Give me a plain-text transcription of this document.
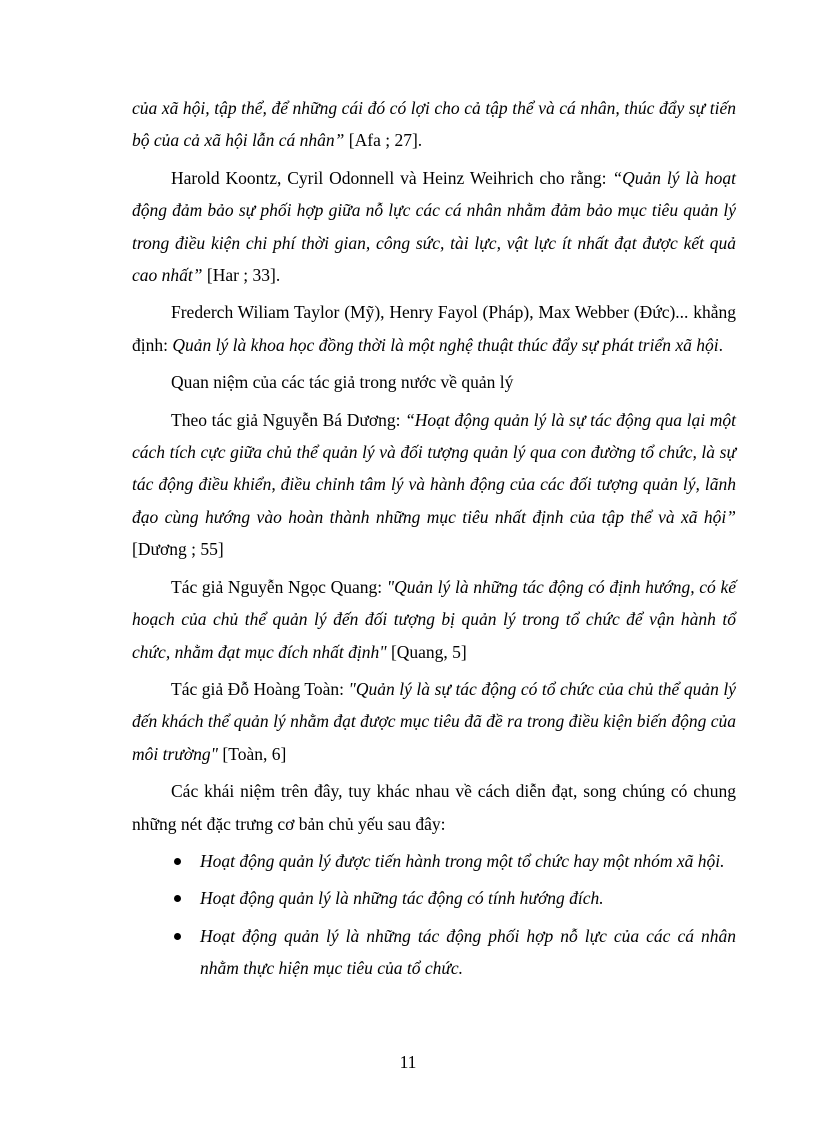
của xã hội, tập thể, để những cái đó có lợi cho cả tập thể và cá nhân, thúc đẩy sự tiến bộ của cả xã hội lẫn cá nhân” [Afa ; 27].

Harold Koontz, Cyril Odonnell và Heinz Weihrich cho rằng: “Quản lý là hoạt động đảm bảo sự phối hợp giữa nỗ lực các cá nhân nhằm đảm bảo mục tiêu quản lý trong điều kiện chi phí thời gian, công sức, tài lực, vật lực ít nhất đạt được kết quả cao nhất” [Har ; 33].

Frederch Wiliam Taylor (Mỹ), Henry Fayol (Pháp), Max Webber (Đức)... khẳng định: Quản lý là khoa học đồng thời là một nghệ thuật thúc đẩy sự phát triển xã hội.

Quan niệm của các tác giả trong nước về quản lý

Theo tác giả Nguyễn Bá Dương: “Hoạt động quản lý là sự tác động qua lại một cách tích cực giữa chủ thể quản lý và đối tượng quản lý qua con đường tổ chức, là sự tác động điều khiển, điều chỉnh tâm lý và hành động của các đối tượng quản lý, lãnh đạo cùng hướng vào hoàn thành những mục tiêu nhất định của tập thể và xã hội” [Dương ; 55]

Tác giả Nguyễn Ngọc Quang: "Quản lý là những tác động có định hướng, có kế hoạch của chủ thể quản lý đến đối tượng bị quản lý trong tổ chức để vận hành tổ chức, nhằm đạt mục đích nhất định" [Quang, 5]

Tác giả Đỗ Hoàng Toàn: "Quản lý là sự tác động có tổ chức của chủ thể quản lý đến khách thể quản lý nhằm đạt được mục tiêu đã đề ra trong điều kiện biến động của môi trường" [Toàn, 6]

Các khái niệm trên đây, tuy khác nhau về cách diễn đạt, song chúng có chung những nét đặc trưng cơ bản chủ yếu sau đây:

Hoạt động quản lý được tiến hành trong một tổ chức hay một nhóm xã hội.
Hoạt động quản lý là những tác động có tính hướng đích.
Hoạt động quản lý là những tác động phối hợp nỗ lực của các cá nhân nhằm thực hiện mục tiêu của tổ chức.
11
